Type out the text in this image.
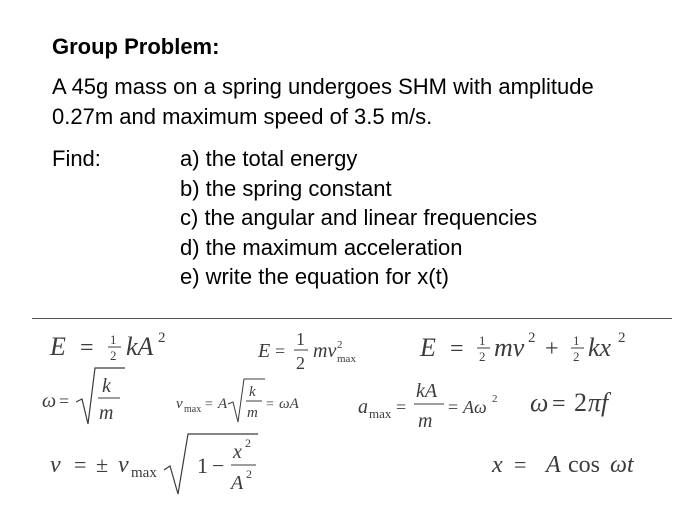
Group Problem:
A 45g mass on a spring undergoes SHM with amplitude 0.27m and maximum speed of 3.5 m/s.
Find:	a) the total energy
b) the spring constant
c) the angular and linear frequencies
d) the maximum acceleration
e) write the equation for x(t)
E = 1
2 kA 2
E =
1
2
mv 2
max E = 1
2 mv 2 + 1
2 kx 2
ω =
k
m	v max = A
k
m
= ωA	a max =
kA
m
= Aω 2 ω = 2 πf
v = ± v max 1 −
x 2
A 2	x = A cos ωt
